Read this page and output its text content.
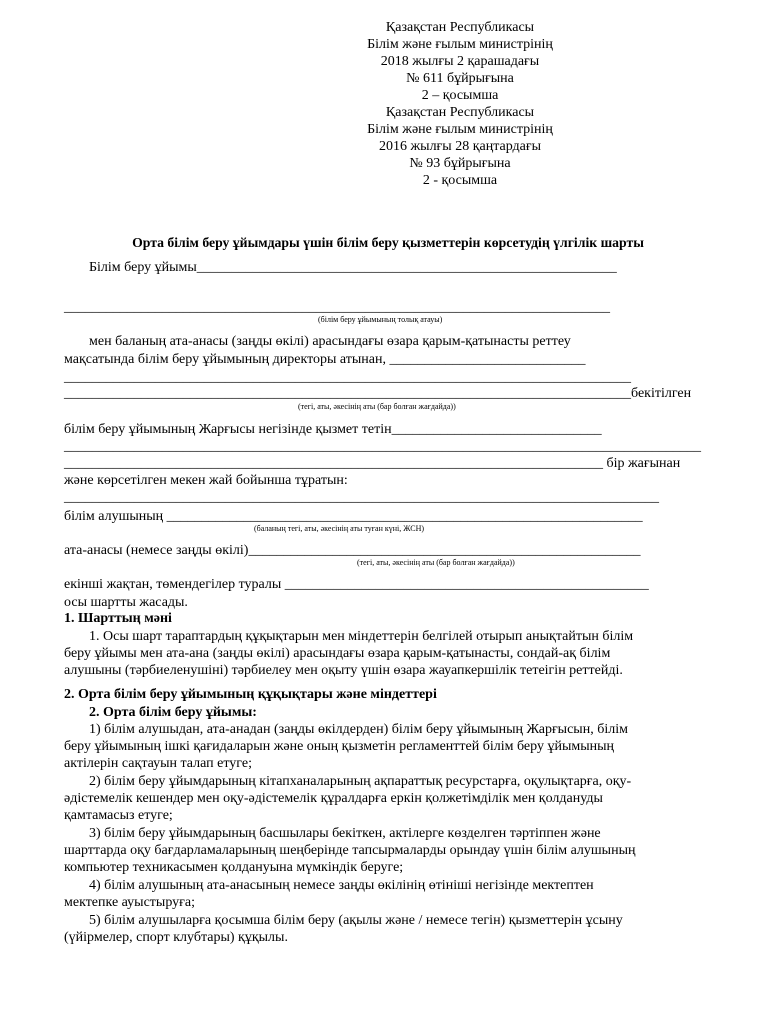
Қазақстан Республикасы
Білім және ғылым министрінің
2018 жылғы 2 қарашадағы
№ 611 бұйрығына
2 – қосымша
Қазақстан Республикасы
Білім және ғылым министрінің
2016 жылғы 28 қаңтардағы
№ 93 бұйрығына
2 - қосымша
Орта білім беру ұйымдары үшін білім беру қызметтерін көрсетудің үлгілік шарты
Білім беру ұйымы____________________________________________________________
______________________________________________________________________________
(білім беру ұйымының толық атауы)
мен баланың ата-анасы (заңды өкілі) арасындағы өзара қарым-қатынасты реттеу
мақсатында білім беру ұйымының директоры атынан, ____________________________
_________________________________________________________________________________
_________________________________________________________________________________бекітілген
(тегі, аты, әкесінің аты (бар болған жағдайда))
білім беру ұйымының Жарғысы негізінде қызмет тетін______________________________
___________________________________________________________________________________________
_____________________________________________________________________________ бір жағынан
және көрсетілген мекен жай бойынша тұратын:
_____________________________________________________________________________________
білім алушының ____________________________________________________________________
(баланың тегі, аты, әкесінің аты туған күні, ЖСН)
ата-анасы (немесе заңды өкілі)________________________________________________________
(тегі, аты, әкесінің аты (бар болған жағдайда))
екінші жақтан, төмендегілер туралы ____________________________________________________
осы шартты жасады.
1. Шарттың мәні
1. Осы шарт тараптардың құқықтарын мен міндеттерін белгілей отырып анықтайтын білім
беру ұйымы мен ата-ана (заңды өкілі) арасындағы өзара қарым-қатынасты, сондай-ақ білім
алушыны (тәрбиеленушіні) тәрбиелеу мен оқыту үшін өзара жауапкершілік тетеігін реттейді.
2. Орта білім беру ұйымының құқықтары және міндеттері
2. Орта білім беру ұйымы:
1) білім алушыдан, ата-анадан (заңды өкілдерден) білім беру ұйымының Жарғысын, білім
беру ұйымының ішкі қағидаларын және оның қызметін регламенттей білім беру ұйымының
актілерін сақтауын талап етуге;
2) білім беру ұйымдарының кітапханаларының ақпараттық ресурстарға, оқулықтарға, оқу-
әдістемелік кешендер мен оқу-әдістемелік құралдарға еркін қолжетімділік мен қолдануды
қамтамасыз етуге;
3) білім беру ұйымдарының басшылары бекіткен, актілерге көзделген тәртіппен және
шарттарда оқу бағдарламаларының шеңберінде тапсырмаларды орындау үшін білім алушының
компьютер техникасымен қолдануына мүмкіндік беруге;
4) білім алушының ата-анасының немесе заңды өкілінің өтініші негізінде мектептен
мектепке ауыстыруға;
5) білім алушыларға қосымша білім беру (ақылы және / немесе тегін) қызметтерін ұсыну
(үйірмелер, спорт клубтары) құқылы.
